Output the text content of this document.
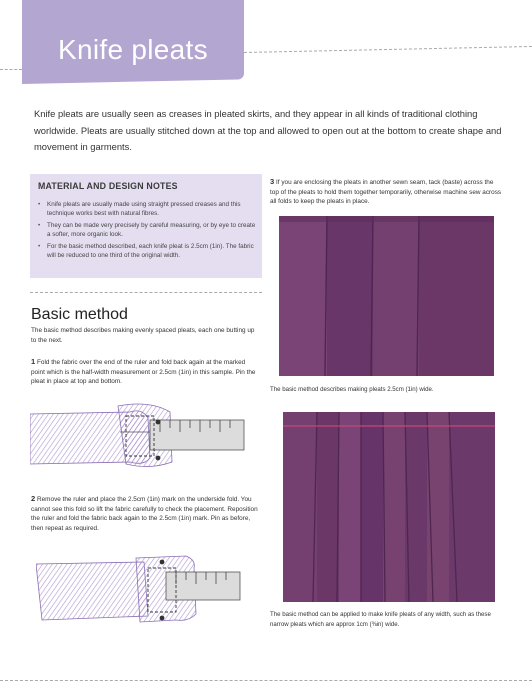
Knife pleats
Knife pleats are usually seen as creases in pleated skirts, and they appear in all kinds of traditional clothing worldwide. Pleats are usually stitched down at the top and allowed to open out at the bottom to create shape and movement in garments.
MATERIAL AND DESIGN NOTES
• Knife pleats are usually made using straight pressed creases and this technique works best with natural fibres.
• They can be made very precisely by careful measuring, or by eye to create a softer, more organic look.
• For the basic method described, each knife pleat is 2.5cm (1in). The fabric will be reduced to one third of the original width.
Basic method
The basic method describes making evenly spaced pleats, each one butting up to the next.
1 Fold the fabric over the end of the ruler and fold back again at the marked point which is the half-width measurement or 2.5cm (1in) in this sample. Pin the pleat in place at top and bottom.
2 Remove the ruler and place the 2.5cm (1in) mark on the underside fold. You cannot see this fold so lift the fabric carefully to check the placement. Reposition the ruler and fold the fabric back again to the 2.5cm (1in) mark. Pin as before, then repeat as required.
3 If you are enclosing the pleats in another sewn seam, tack (baste) across the top of the pleats to hold them together temporarily, otherwise machine sew across all folds to keep the pleats in place.
The basic method describes making pleats 2.5cm (1in) wide.
The basic method can be applied to make knife pleats of any width, such as these narrow pleats which are approx 1cm (⅜in) wide.
